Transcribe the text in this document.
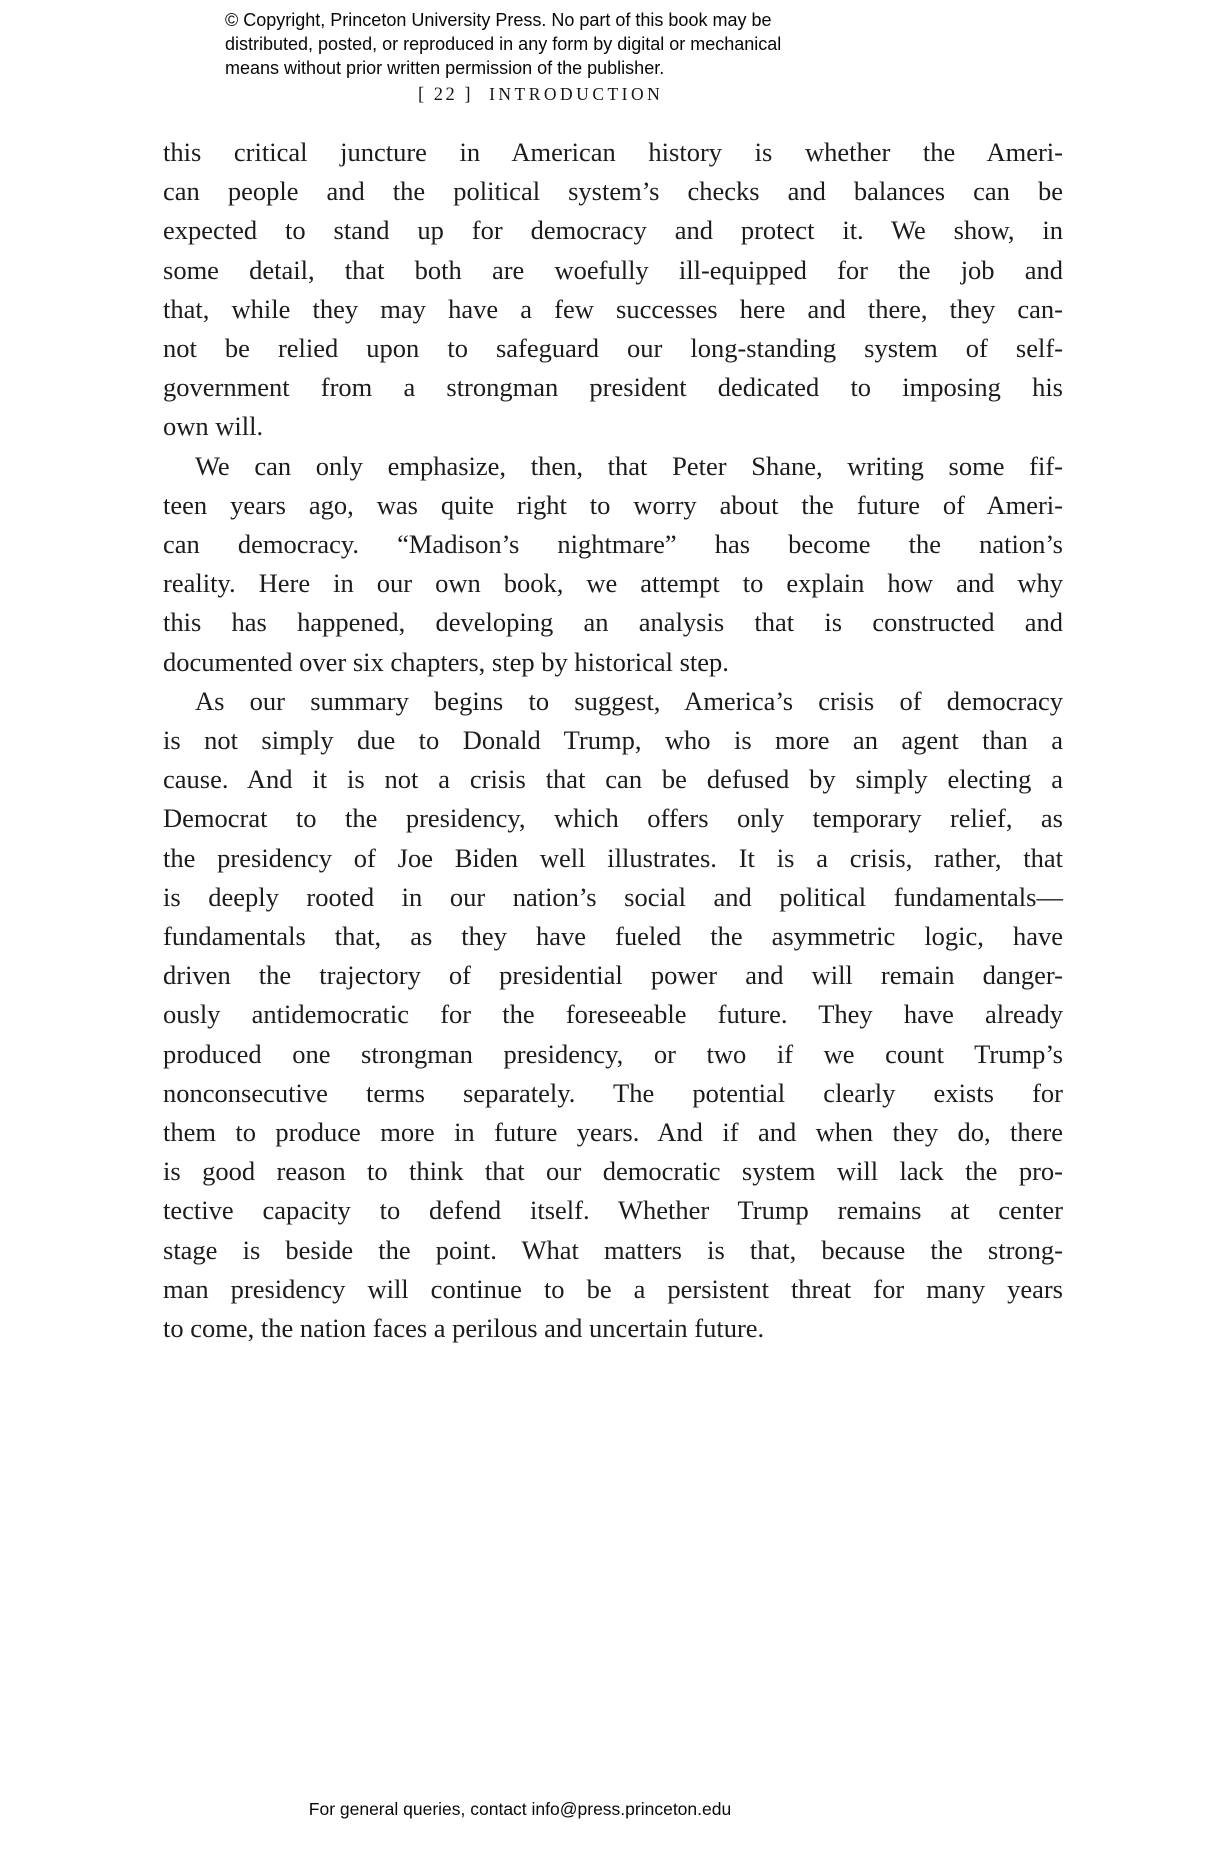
© Copyright, Princeton University Press. No part of this book may be
distributed, posted, or reproduced in any form by digital or mechanical
means without prior written permission of the publisher.
[ 22 ] INTRODUCTION
this critical juncture in American history is whether the Ameri-
can people and the political system’s checks and balances can be
expected to stand up for democracy and protect it. We show, in
some detail, that both are woefully ill-equipped for the job and
that, while they may have a few successes here and there, they can-
not be relied upon to safeguard our long-standing system of self-
government from a strongman president dedicated to imposing his
own will.
We can only emphasize, then, that Peter Shane, writing some fif-
teen years ago, was quite right to worry about the future of Ameri-
can democracy. “Madison’s nightmare” has become the nation’s
reality. Here in our own book, we attempt to explain how and why
this has happened, developing an analysis that is constructed and
documented over six chapters, step by historical step.
As our summary begins to suggest, America’s crisis of democracy
is not simply due to Donald Trump, who is more an agent than a
cause. And it is not a crisis that can be defused by simply electing a
Democrat to the presidency, which offers only temporary relief, as
the presidency of Joe Biden well illustrates. It is a crisis, rather, that
is deeply rooted in our nation’s social and political fundamentals—
fundamentals that, as they have fueled the asymmetric logic, have
driven the trajectory of presidential power and will remain danger-
ously antidemocratic for the foreseeable future. They have already
produced one strongman presidency, or two if we count Trump’s
nonconsecutive terms separately. The potential clearly exists for
them to produce more in future years. And if and when they do, there
is good reason to think that our democratic system will lack the pro-
tective capacity to defend itself. Whether Trump remains at center
stage is beside the point. What matters is that, because the strong-
man presidency will continue to be a persistent threat for many years
to come, the nation faces a perilous and uncertain future.
For general queries, contact info@press.princeton.edu
